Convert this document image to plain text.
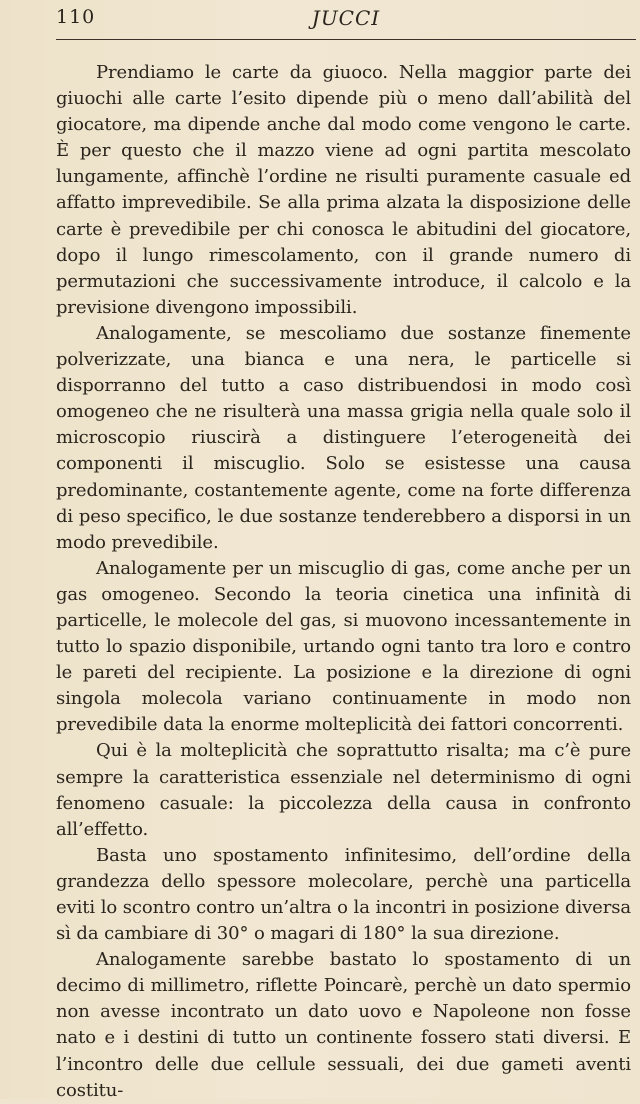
110	JUCCI

Prendiamo le carte da giuoco. Nella maggior parte dei giuochi alle carte l’esito dipende più o meno dall’abilità del giocatore, ma dipende anche dal modo come vengono le carte. È per questo che il mazzo viene ad ogni partita mescolato lungamente, affinchè l’ordine ne risulti puramente casuale ed affatto imprevedibile. Se alla prima alzata la disposizione delle carte è prevedibile per chi conosca le abitudini del giocatore, dopo il lungo rimescolamento, con il grande numero di permutazioni che successivamente introduce, il calcolo e la previsione divengono impossibili.

Analogamente, se mescoliamo due sostanze finemente polverizzate, una bianca e una nera, le particelle si disporranno del tutto a caso distribuendosi in modo così omogeneo che ne risulterà una massa grigia nella quale solo il microscopio riuscirà a distinguere l’eterogeneità dei componenti il miscuglio. Solo se esistesse una causa predominante, costantemente agente, come na forte differenza di peso specifico, le due sostanze tenderebbero a disporsi in un modo prevedibile.

Analogamente per un miscuglio di gas, come anche per un gas omogeneo. Secondo la teoria cinetica una infinità di particelle, le molecole del gas, si muovono incessantemente in tutto lo spazio disponibile, urtando ogni tanto tra loro e contro le pareti del recipiente. La posizione e la direzione di ogni singola molecola variano continuamente in modo non prevedibile data la enorme molteplicità dei fattori concorrenti.

Qui è la molteplicità che soprattutto risalta; ma c’è pure sempre la caratteristica essenziale nel determinismo di ogni fenomeno casuale: la piccolezza della causa in confronto all’effetto.

Basta uno spostamento infinitesimo, dell’ordine della grandezza dello spessore molecolare, perchè una particella eviti lo scontro contro un’altra o la incontri in posizione diversa sì da cambiare di 30° o magari di 180° la sua direzione.

Analogamente sarebbe bastato lo spostamento di un decimo di millimetro, riflette Poincarè, perchè un dato spermio non avesse incontrato un dato uovo e Napoleone non fosse nato e i destini di tutto un continente fossero stati diversi. E l’incontro delle due cellule sessuali, dei due gameti aventi costitu-
